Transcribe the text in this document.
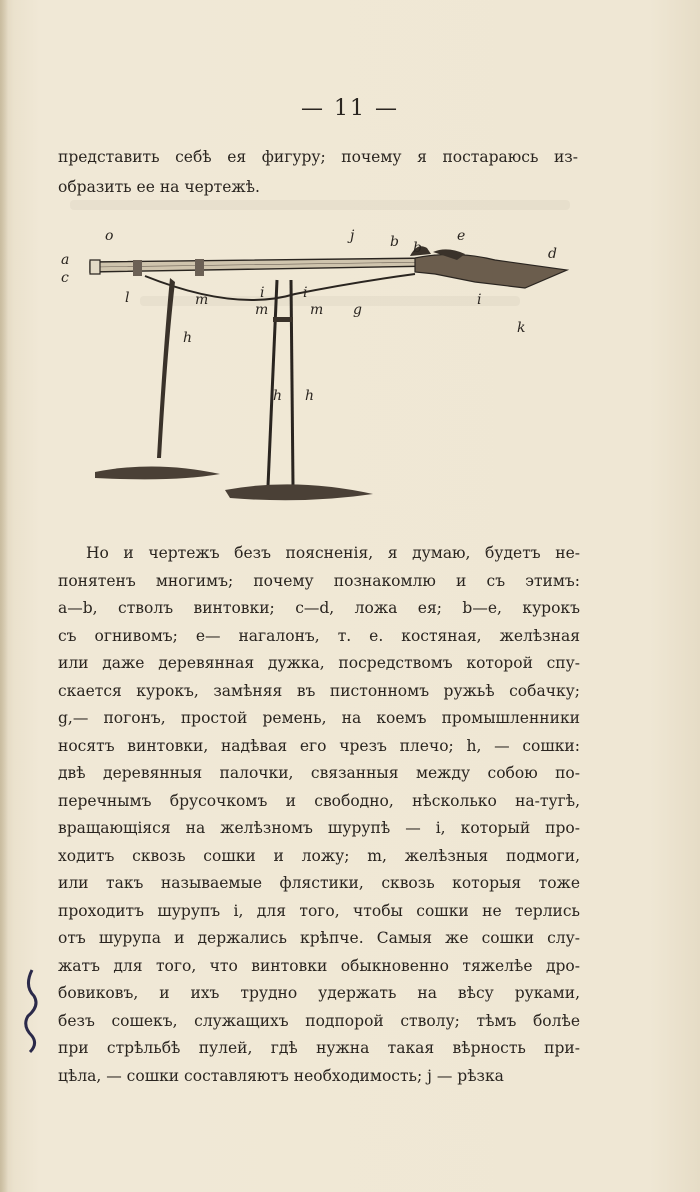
— 11 —
представить себѣ ея фигуру; почему я постараюсь из-
образить ее на чертежѣ.
a
c
o	j	b b
e
d
l	m
m	m g
i	i	i
k
h
h h
Но и чертежъ безъ поясненія, я думаю, будетъ не-
понятенъ многимъ; почему познакомлю и съ этимъ:
a—b, стволъ винтовки; c—d, ложа ея; b—e, курокъ
съ огнивомъ; e— нагалонъ, т. е. костяная, желѣзная
или даже деревянная дужка, посредствомъ которой спу-
скается курокъ, замѣняя въ пистонномъ ружьѣ собачку;
g,— погонъ, простой ремень, на коемъ промышленники
носятъ винтовки, надѣвая его чрезъ плечо; h, — сошки:
двѣ деревянныя палочки, связанныя между собою по-
перечнымъ брусочкомъ и свободно, нѣсколько на-тугѣ,
вращающіяся на желѣзномъ шурупѣ — i, который про-
ходитъ сквозь сошки и ложу; m, желѣзныя подмоги,
или такъ называемые флястики, сквозь которыя тоже
проходитъ шурупъ i, для того, чтобы сошки не терлись
отъ шурупа и держались крѣпче. Самыя же сошки слу-
жатъ для того, что винтовки обыкновенно тяжелѣе дро-
бовиковъ, и ихъ трудно удержать на вѣсу руками,
безъ сошекъ, служащихъ подпорой стволу; тѣмъ болѣе
при стрѣльбѣ пулей, гдѣ нужна такая вѣрность при-
цѣла, — сошки составляютъ необходимость; j — рѣзка
